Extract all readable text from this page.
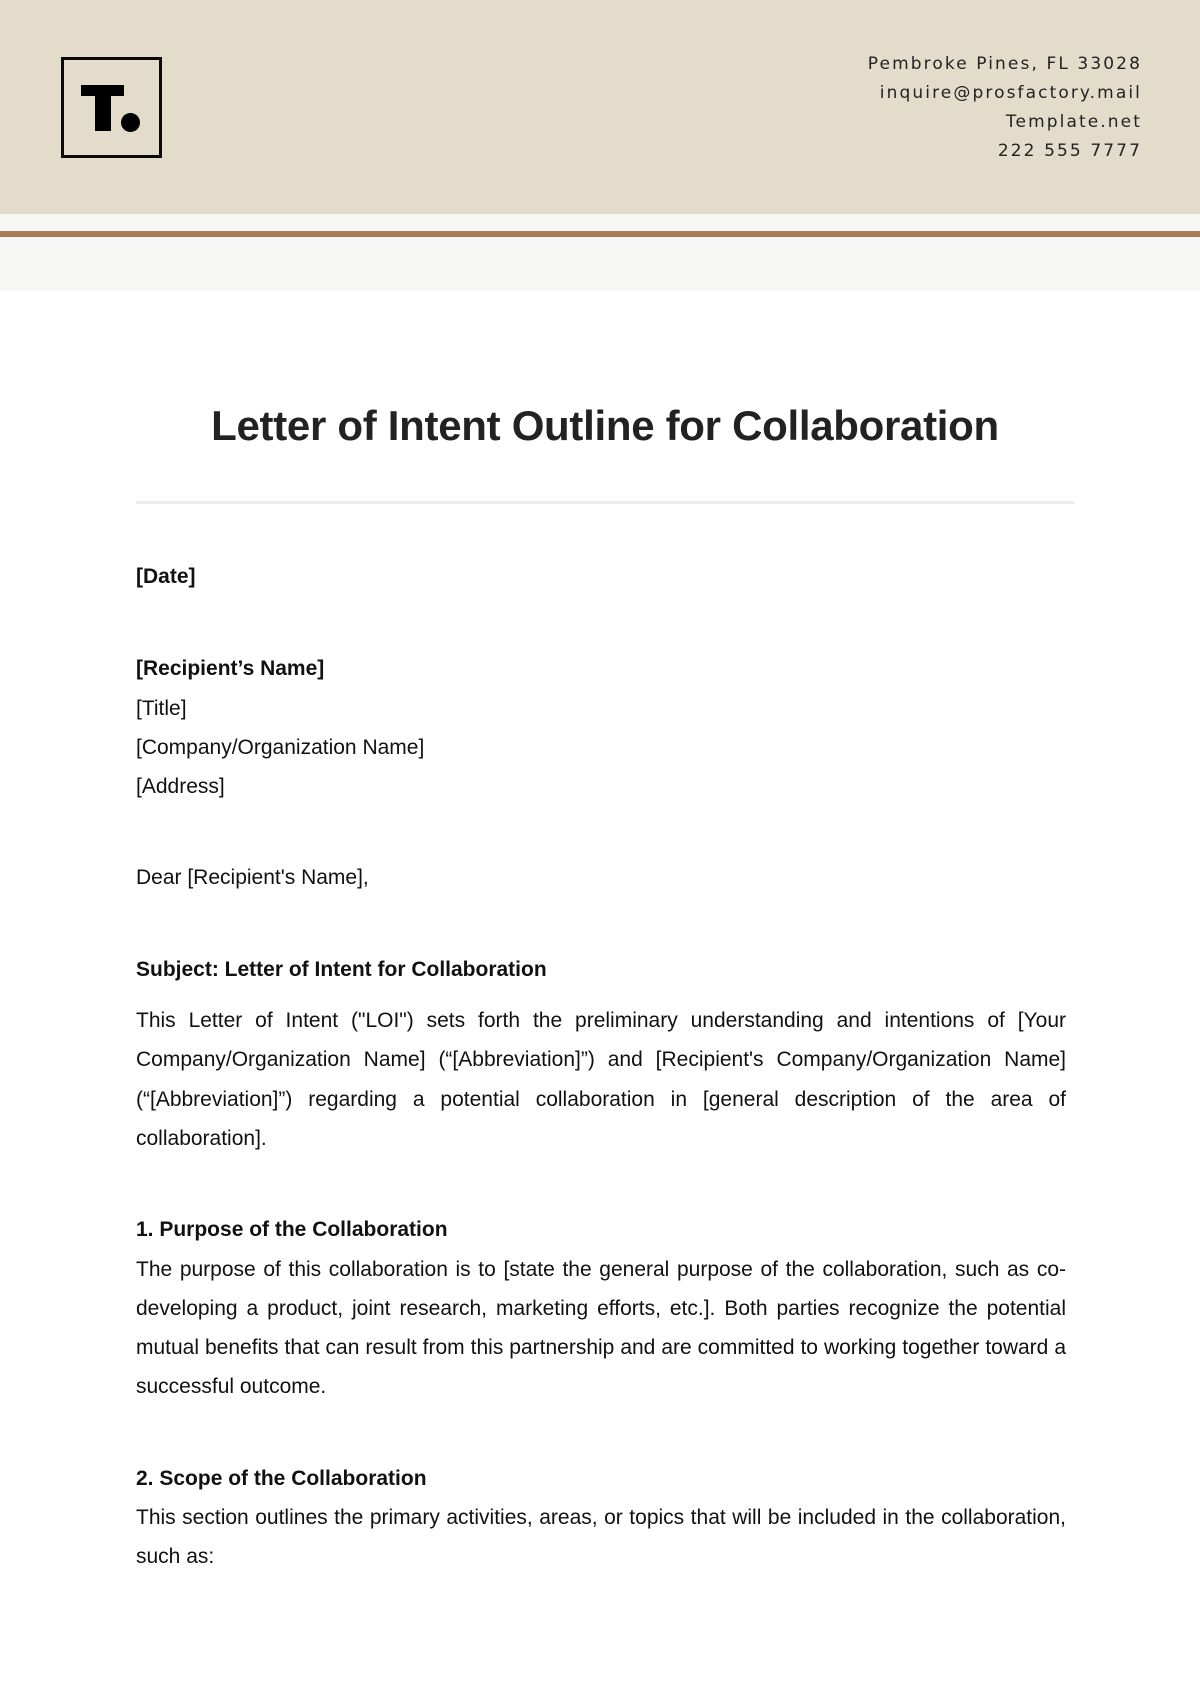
Pembroke Pines, FL 33028
inquire@prosfactory.mail
Template.net
222 555 7777
Letter of Intent Outline for Collaboration
[Date]
[Recipient’s Name]
[Title]
[Company/Organization Name]
[Address]
Dear [Recipient's Name],
Subject: Letter of Intent for Collaboration

This Letter of Intent ("LOI") sets forth the preliminary understanding and intentions of [Your Company/Organization Name] (“[Abbreviation]”) and [Recipient's Company/Organization Name] (“[Abbreviation]”) regarding a potential collaboration in [general description of the area of collaboration].

1. Purpose of the Collaboration

The purpose of this collaboration is to [state the general purpose of the collaboration, such as co-developing a product, joint research, marketing efforts, etc.]. Both parties recognize the potential mutual benefits that can result from this partnership and are committed to working together toward a successful outcome.

2. Scope of the Collaboration

This section outlines the primary activities, areas, or topics that will be included in the collaboration, such as:
